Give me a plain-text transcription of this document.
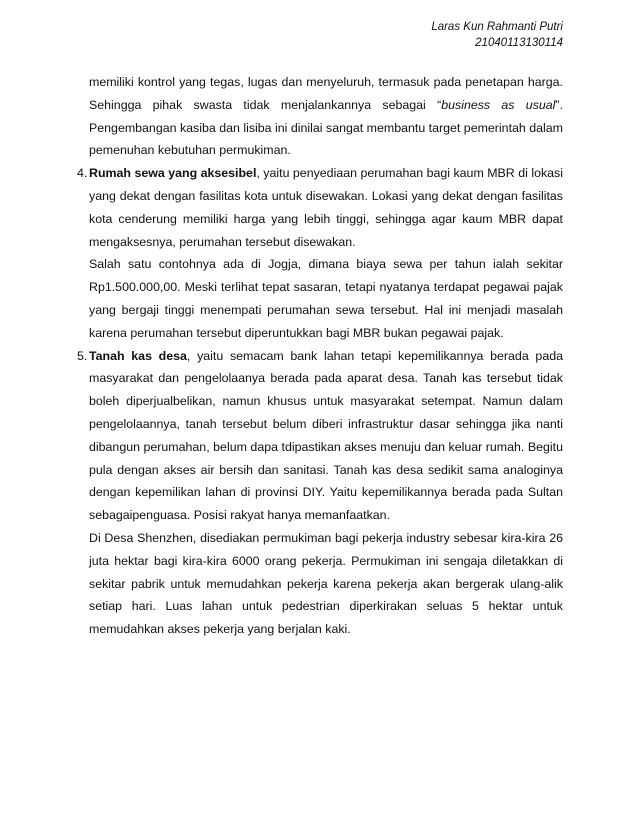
Laras Kun Rahmanti Putri
21040113130114

memiliki kontrol yang tegas, lugas dan menyeluruh, termasuk pada penetapan harga. Sehingga pihak swasta tidak menjalankannya sebagai “business as usual”. Pengembangan kasiba dan lisiba ini dinilai sangat membantu target pemerintah dalam pemenuhan kebutuhan permukiman.

4. Rumah sewa yang aksesibel, yaitu penyediaan perumahan bagi kaum MBR di lokasi yang dekat dengan fasilitas kota untuk disewakan. Lokasi yang dekat dengan fasilitas kota cenderung memiliki harga yang lebih tinggi, sehingga agar kaum MBR dapat mengaksesnya, perumahan tersebut disewakan.

Salah satu contohnya ada di Jogja, dimana biaya sewa per tahun ialah sekitar Rp1.500.000,00. Meski terlihat tepat sasaran, tetapi nyatanya terdapat pegawai pajak yang bergaji tinggi menempati perumahan sewa tersebut. Hal ini menjadi masalah karena perumahan tersebut diperuntukkan bagi MBR bukan pegawai pajak.

5. Tanah kas desa, yaitu semacam bank lahan tetapi kepemilikannya berada pada masyarakat dan pengelolaanya berada pada aparat desa. Tanah kas tersebut tidak boleh diperjualbelikan, namun khusus untuk masyarakat setempat. Namun dalam pengelolaannya, tanah tersebut belum diberi infrastruktur dasar sehingga jika nanti dibangun perumahan, belum dapa tdipastikan akses menuju dan keluar rumah. Begitu pula dengan akses air bersih dan sanitasi. Tanah kas desa sedikit sama analoginya dengan kepemilikan lahan di provinsi DIY. Yaitu kepemilikannya berada pada Sultan sebagaipenguasa. Posisi rakyat hanya memanfaatkan.

Di Desa Shenzhen, disediakan permukiman bagi pekerja industry sebesar kira-kira 26 juta hektar bagi kira-kira 6000 orang pekerja. Permukiman ini sengaja diletakkan di sekitar pabrik untuk memudahkan pekerja karena pekerja akan bergerak ulang-alik setiap hari. Luas lahan untuk pedestrian diperkirakan seluas 5 hektar untuk memudahkan akses pekerja yang berjalan kaki.
